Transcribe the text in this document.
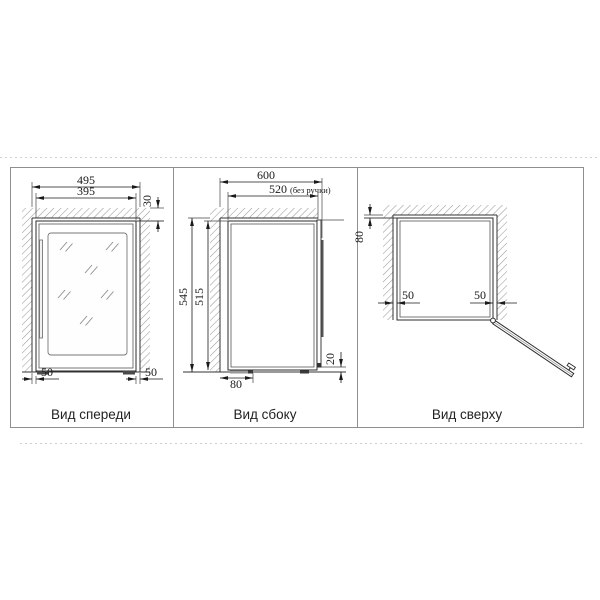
495
395
30
50	50
Вид спереди
600
520 (без ручки)
545 515
80
20
Вид сбоку
80
50	50
Вид сверху
